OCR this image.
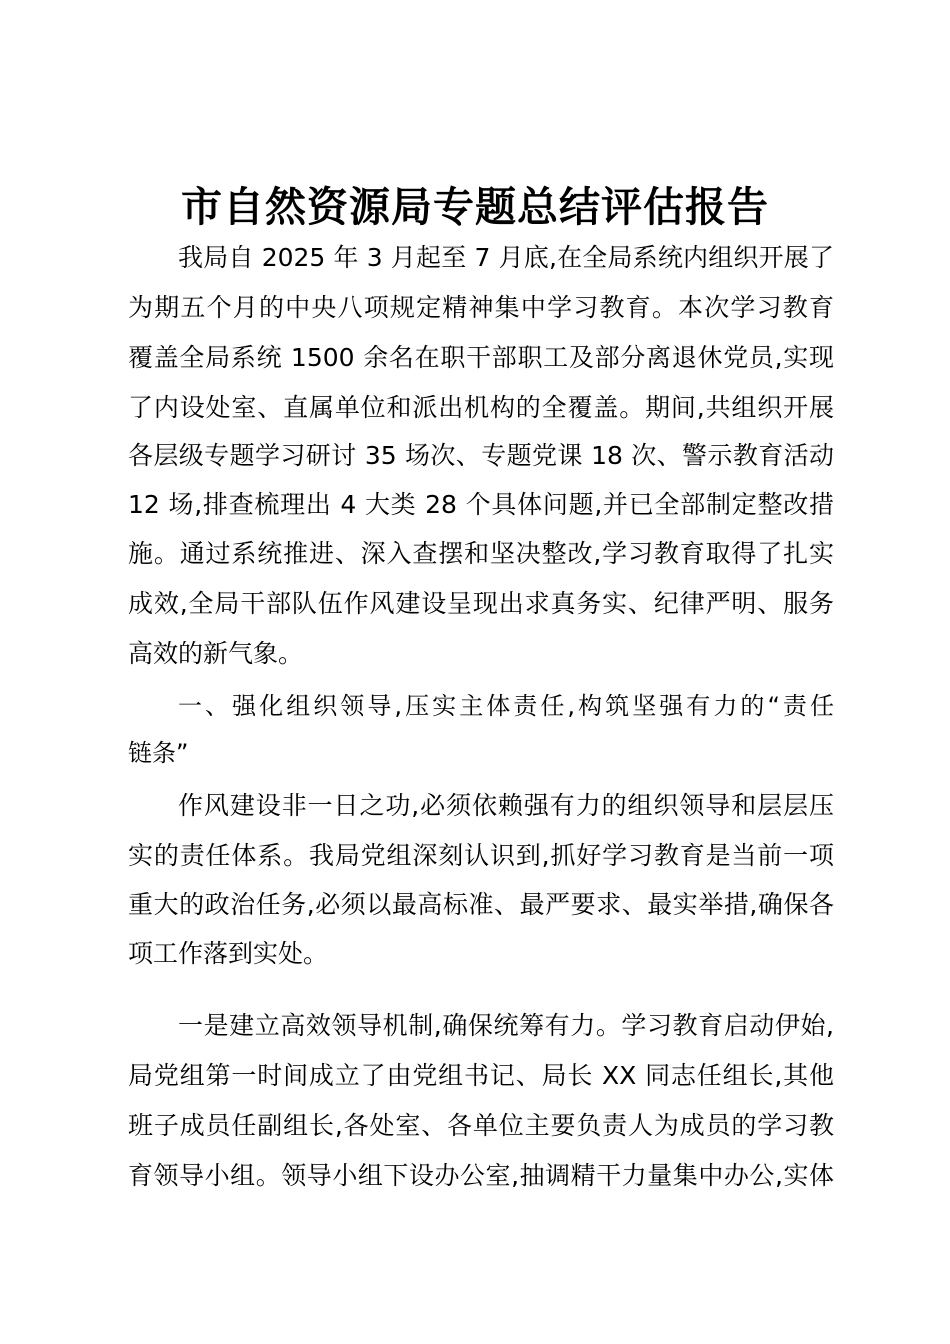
市自然资源局专题总结评估报告
我局自 2025 年 3 月起至 7 月底,在全局系统内组织开展了
为期五个月的中央八项规定精神集中学习教育。本次学习教育
覆盖全局系统 1500 余名在职干部职工及部分离退休党员,实现
了内设处室、直属单位和派出机构的全覆盖。期间,共组织开展
各层级专题学习研讨 35 场次、专题党课 18 次、警示教育活动
12 场,排查梳理出 4 大类 28 个具体问题,并已全部制定整改措
施。通过系统推进、深入查摆和坚决整改,学习教育取得了扎实
成效,全局干部队伍作风建设呈现出求真务实、纪律严明、服务
高效的新气象。
一、强化组织领导,压实主体责任,构筑坚强有力的“责任
链条”
作风建设非一日之功,必须依赖强有力的组织领导和层层压
实的责任体系。我局党组深刻认识到,抓好学习教育是当前一项
重大的政治任务,必须以最高标准、最严要求、最实举措,确保各
项工作落到实处。
一是建立高效领导机制,确保统筹有力。学习教育启动伊始,
局党组第一时间成立了由党组书记、局长 XX 同志任组长,其他
班子成员任副组长,各处室、各单位主要负责人为成员的学习教
育领导小组。领导小组下设办公室,抽调精干力量集中办公,实体
